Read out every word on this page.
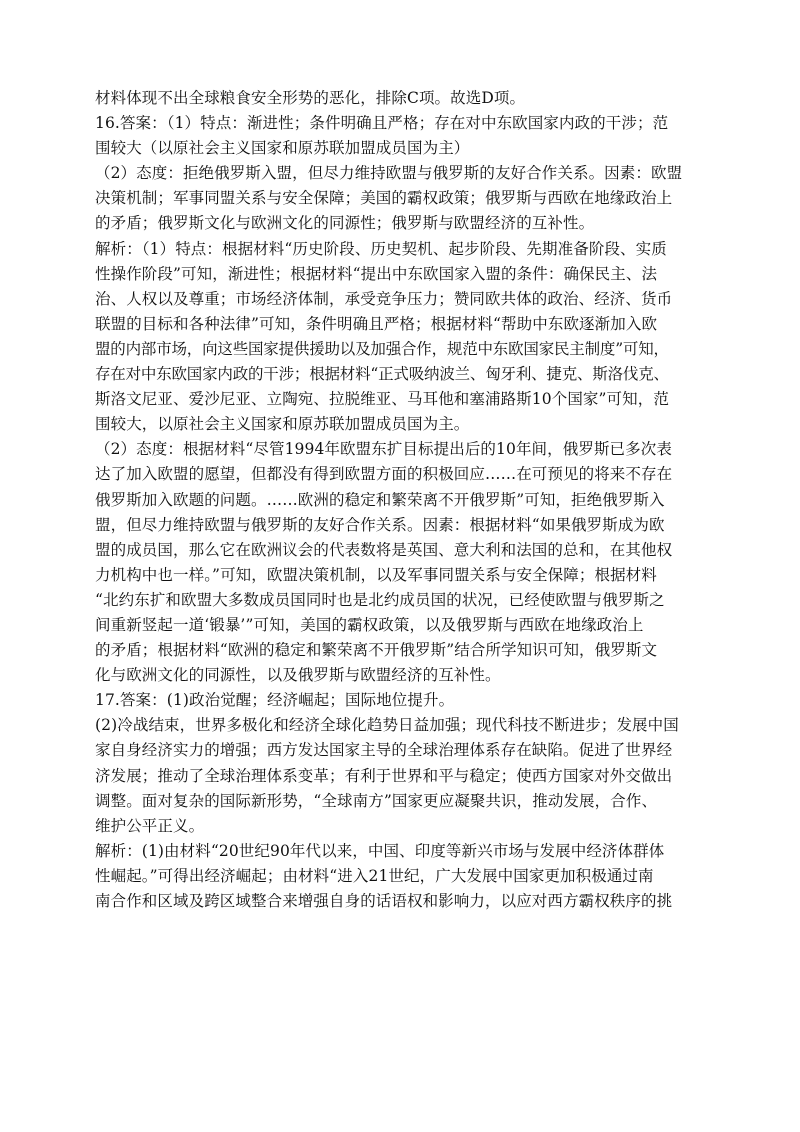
材料体现不出全球粮食安全形势的恶化，排除C项。故选D项。
16.答案：（1）特点：渐进性；条件明确且严格；存在对中东欧国家内政的干涉；范
围较大（以原社会主义国家和原苏联加盟成员国为主）
（2）态度：拒绝俄罗斯入盟，但尽力维持欧盟与俄罗斯的友好合作关系。因素：欧盟
决策机制；军事同盟关系与安全保障；美国的霸权政策；俄罗斯与西欧在地缘政治上
的矛盾；俄罗斯文化与欧洲文化的同源性；俄罗斯与欧盟经济的互补性。
解析：（1）特点：根据材料“历史阶段、历史契机、起步阶段、先期准备阶段、实质
性操作阶段”可知，渐进性；根据材料“提出中东欧国家入盟的条件：确保民主、法
治、人权以及尊重；市场经济体制，承受竞争压力；赞同欧共体的政治、经济、货币
联盟的目标和各种法律”可知，条件明确且严格；根据材料“帮助中东欧逐渐加入欧
盟的内部市场，向这些国家提供援助以及加强合作，规范中东欧国家民主制度”可知，
存在对中东欧国家内政的干涉；根据材料“正式吸纳波兰、匈牙利、捷克、斯洛伐克、
斯洛文尼亚、爱沙尼亚、立陶宛、拉脱维亚、马耳他和塞浦路斯10个国家”可知，范
围较大，以原社会主义国家和原苏联加盟成员国为主。
（2）态度：根据材料“尽管1994年欧盟东扩目标提出后的10年间，俄罗斯已多次表
达了加入欧盟的愿望，但都没有得到欧盟方面的积极回应……在可预见的将来不存在
俄罗斯加入欧题的问题。……欧洲的稳定和繁荣离不开俄罗斯”可知，拒绝俄罗斯入
盟，但尽力维持欧盟与俄罗斯的友好合作关系。因素：根据材料“如果俄罗斯成为欧
盟的成员国，那么它在欧洲议会的代表数将是英国、意大利和法国的总和，在其他权
力机构中也一样。”可知，欧盟决策机制，以及军事同盟关系与安全保障；根据材料
“北约东扩和欧盟大多数成员国同时也是北约成员国的状况，已经使欧盟与俄罗斯之
间重新竖起一道‘锻暴’”可知，美国的霸权政策，以及俄罗斯与西欧在地缘政治上
的矛盾；根据材料“欧洲的稳定和繁荣离不开俄罗斯”结合所学知识可知，俄罗斯文
化与欧洲文化的同源性，以及俄罗斯与欧盟经济的互补性。
17.答案：(1)政治觉醒；经济崛起；国际地位提升。
(2)冷战结束，世界多极化和经济全球化趋势日益加强；现代科技不断进步；发展中国
家自身经济实力的增强；西方发达国家主导的全球治理体系存在缺陷。促进了世界经
济发展；推动了全球治理体系变革；有利于世界和平与稳定；使西方国家对外交做出
调整。面对复杂的国际新形势，“全球南方”国家更应凝聚共识，推动发展，合作、
维护公平正义。
解析：(1)由材料“20世纪90年代以来，中国、印度等新兴市场与发展中经济体群体
性崛起。”可得出经济崛起；由材料“进入21世纪，广大发展中国家更加积极通过南
南合作和区域及跨区域整合来增强自身的话语权和影响力，以应对西方霸权秩序的挑
